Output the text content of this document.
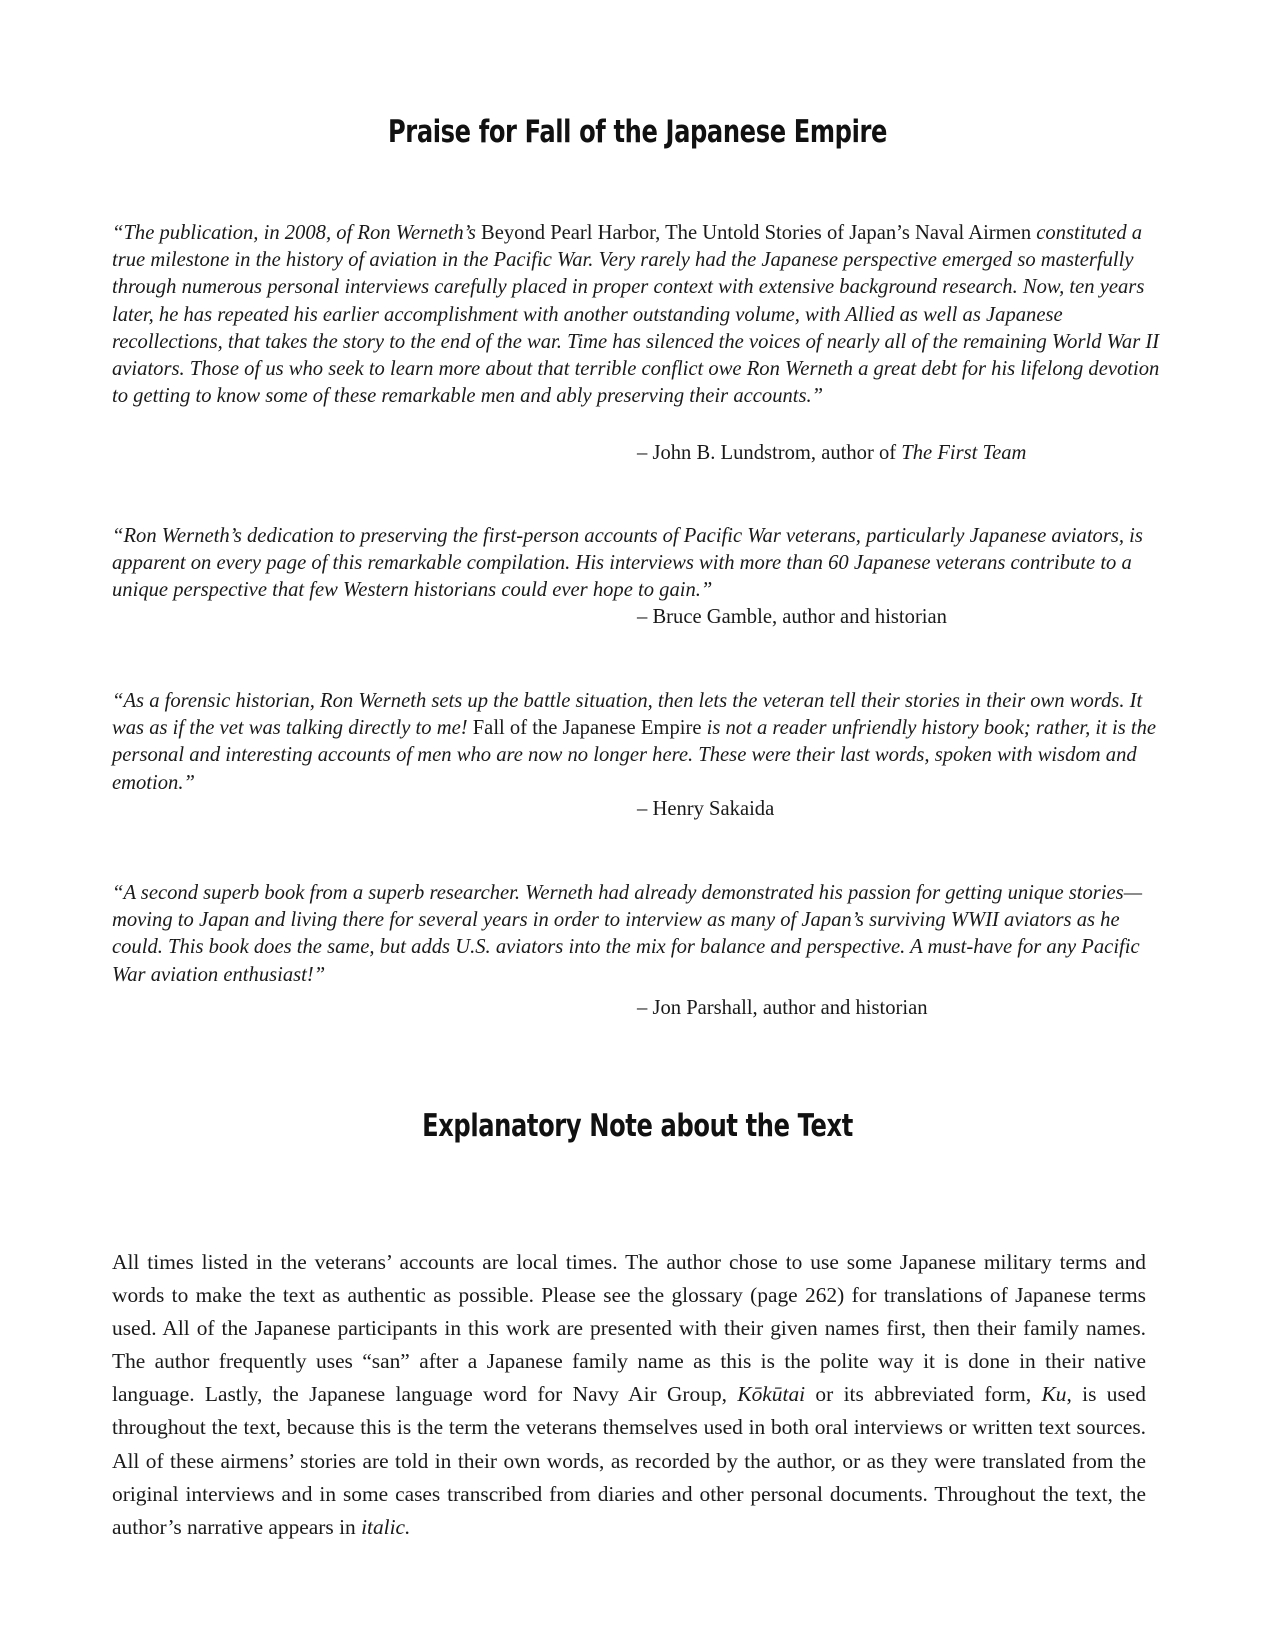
Praise for Fall of the Japanese Empire

“The publication, in 2008, of Ron Werneth’s Beyond Pearl Harbor, The Untold Stories of Japan’s Naval Airmen constituted a true milestone in the history of aviation in the Pacific War. Very rarely had the Japanese perspective emerged so masterfully through numerous personal interviews carefully placed in proper context with extensive background research. Now, ten years later, he has repeated his earlier accomplishment with another outstanding volume, with Allied as well as Japanese recollections, that takes the story to the end of the war. Time has silenced the voices of nearly all of the remaining World War II aviators. Those of us who seek to learn more about that terrible conflict owe Ron Werneth a great debt for his lifelong devotion to getting to know some of these remarkable men and ably preserving their accounts.”

– John B. Lundstrom, author of The First Team

“Ron Werneth’s dedication to preserving the first-person accounts of Pacific War veterans, particularly Japanese aviators, is apparent on every page of this remarkable compilation. His interviews with more than 60 Japanese veterans contribute to a unique perspective that few Western historians could ever hope to gain.”

– Bruce Gamble, author and historian

“As a forensic historian, Ron Werneth sets up the battle situation, then lets the veteran tell their stories in their own words. It was as if the vet was talking directly to me! Fall of the Japanese Empire is not a reader unfriendly history book; rather, it is the personal and interesting accounts of men who are now no longer here. These were their last words, spoken with wisdom and emotion.”

– Henry Sakaida

“A second superb book from a superb researcher. Werneth had already demonstrated his passion for getting unique stories—moving to Japan and living there for several years in order to interview as many of Japan’s surviving WWII aviators as he could. This book does the same, but adds U.S. aviators into the mix for balance and perspective. A must-have for any Pacific War aviation enthusiast!”

– Jon Parshall, author and historian

Explanatory Note about the Text

All times listed in the veterans’ accounts are local times. The author chose to use some Japanese military terms and words to make the text as authentic as possible. Please see the glossary (page 262) for translations of Japanese terms used. All of the Japanese participants in this work are presented with their given names first, then their family names. The author frequently uses “san” after a Japanese family name as this is the polite way it is done in their native language. Lastly, the Japanese language word for Navy Air Group, Kōkūtai or its abbreviated form, Ku, is used throughout the text, because this is the term the veterans themselves used in both oral interviews or written text sources. All of these airmens’ stories are told in their own words, as recorded by the author, or as they were translated from the original interviews and in some cases transcribed from diaries and other personal documents. Throughout the text, the author’s narrative appears in italic.
